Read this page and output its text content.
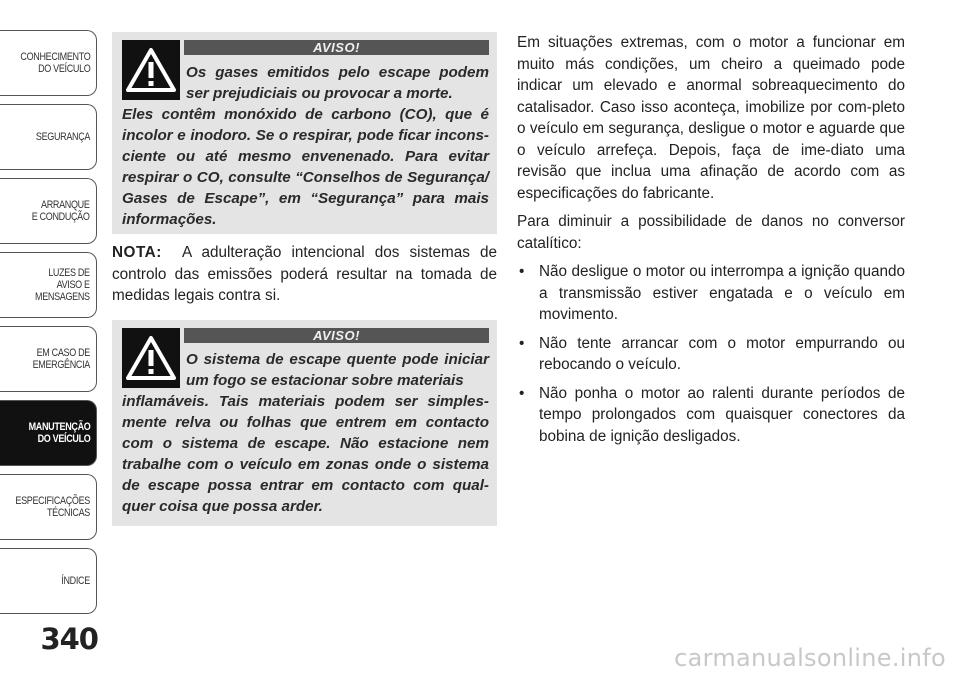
CONHECIMENTO
DO VEÍCULO
SEGURANÇA
ARRANQUE
E CONDUÇÃO
LUZES DE
AVISO E
MENSAGENS
EM CASO DE
EMERGÊNCIA
MANUTENÇÃO
DO VEÍCULO
ESPECIFICAÇÕES
TÉCNICAS
ÍNDICE
340
AVISO!
Os gases emitidos pelo escape podem ser prejudiciais ou provocar a morte.
Eles contêm monóxido de carbono (CO), que é incolor e inodoro. Se o respirar, pode ficar incons-ciente ou até mesmo envenenado. Para evitar respirar o CO, consulte “Conselhos de Segurança/ Gases de Escape”, em “Segurança” para mais informações.
NOTA: A adulteração intencional dos sistemas de controlo das emissões poderá resultar na tomada de medidas legais contra si.
AVISO!
O sistema de escape quente pode iniciar um fogo se estacionar sobre materiais
inflamáveis. Tais materiais podem ser simples-mente relva ou folhas que entrem em contacto com o sistema de escape. Não estacione nem trabalhe com o veículo em zonas onde o sistema de escape possa entrar em contacto com qual-quer coisa que possa arder.

Em situações extremas, com o motor a funcionar em muito más condições, um cheiro a queimado pode indicar um elevado e anormal sobreaquecimento do catalisador. Caso isso aconteça, imobilize por com-pleto o veículo em segurança, desligue o motor e aguarde que o veículo arrefeça. Depois, faça de ime-diato uma revisão que inclua uma afinação de acordo com as especificações do fabricante.

Para diminuir a possibilidade de danos no conversor catalítico:

• Não desligue o motor ou interrompa a ignição quando a transmissão estiver engatada e o veículo em movimento.
• Não tente arrancar com o motor empurrando ou rebocando o veículo.
• Não ponha o motor ao ralenti durante períodos de tempo prolongados com quaisquer conectores da bobina de ignição desligados.
carmanualsonline.info
